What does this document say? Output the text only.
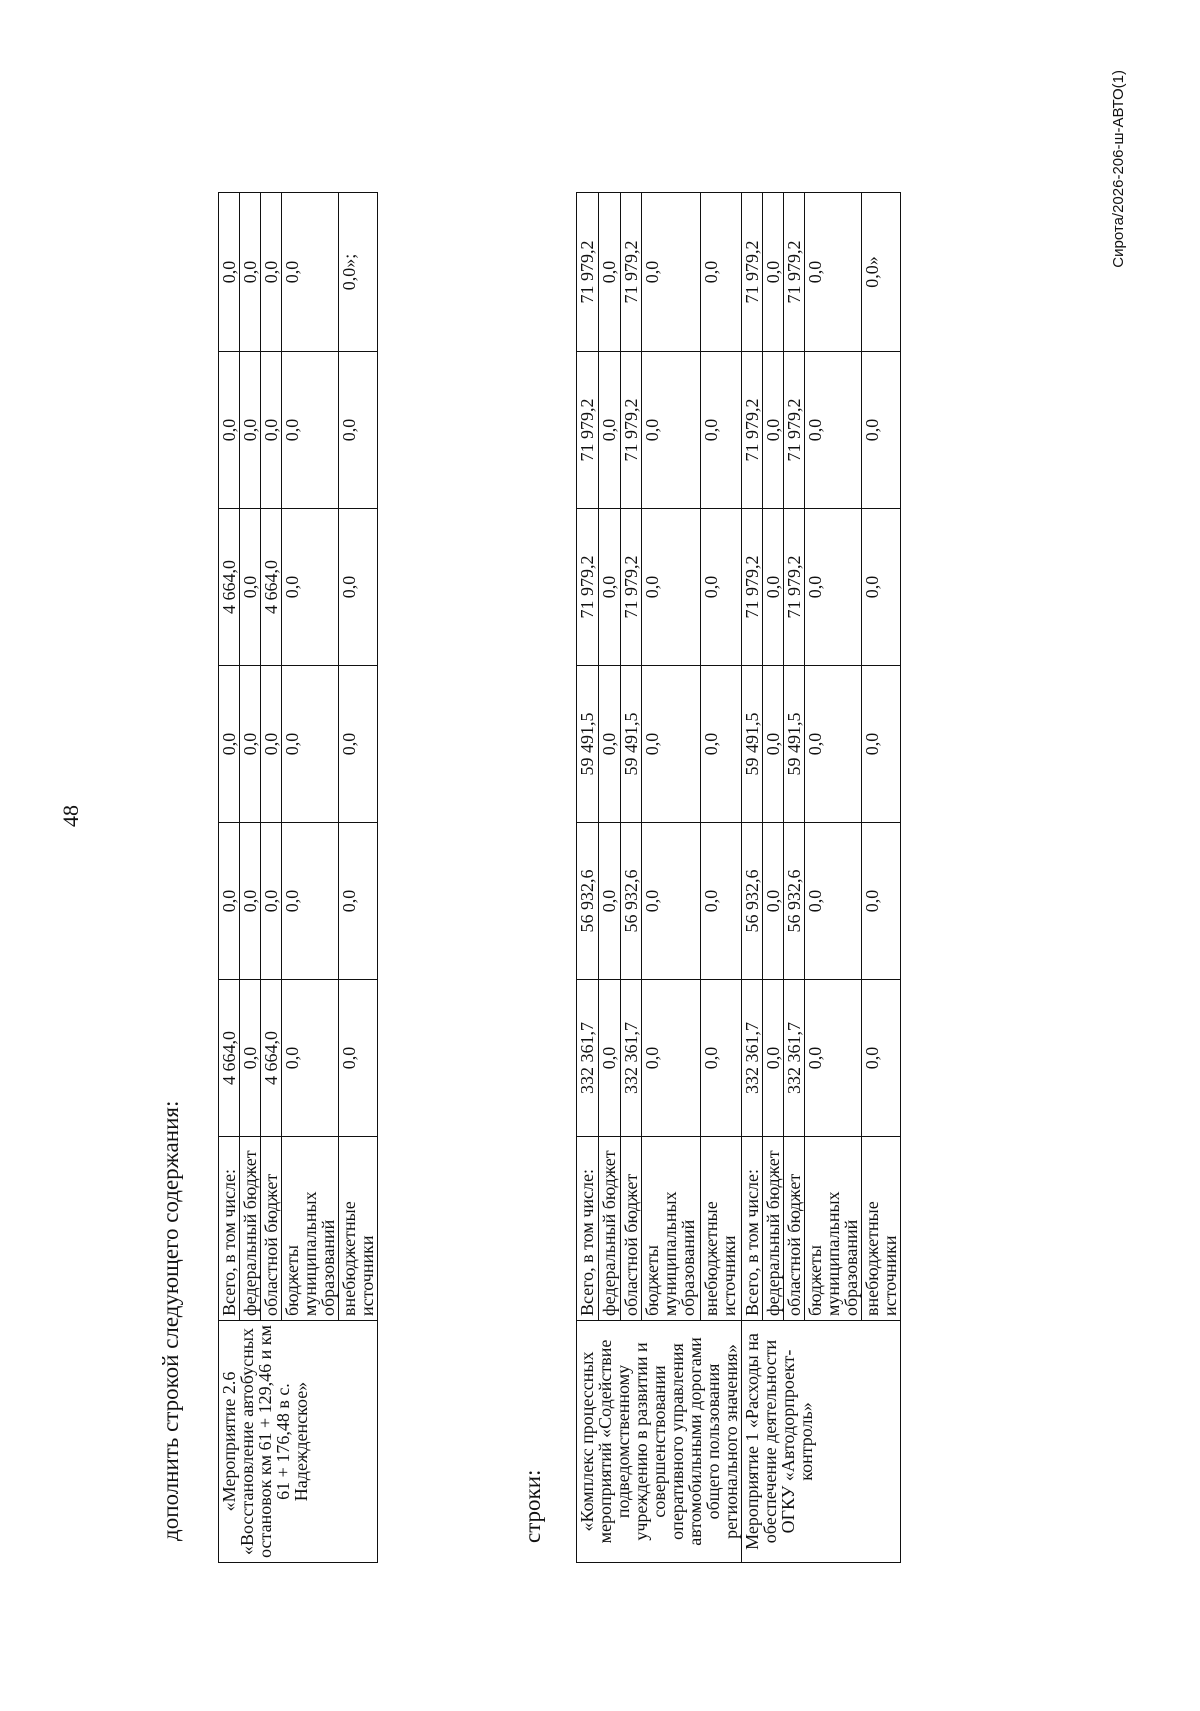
48
дополнить строкой следующего содержания: «Мероприятие 2.6 «Восстановление автобусных остановок км 61 + 129,46 и км 61 + 176,48 в с. Надежденское»	Всего, в том числе:	4 664,0	0,0	0,0	4 664,0	0,0	0,0
	федеральный бюджет	0,0	0,0	0,0	0,0	0,0	0,0
	областной бюджет	4 664,0	0,0	0,0	4 664,0	0,0	0,0
	бюджеты муниципальных образований	0,0	0,0	0,0	0,0	0,0	0,0
	внебюджетные источники	0,0	0,0	0,0	0,0	0,0	0,0»;
строки: «Комплекс процессных мероприятий «Содействие подведомственному учреждению в развитии и совершенствовании оперативного управления автомобильными дорогами общего пользования регионального значения»	Всего, в том числе:	332 361,7	56 932,6	59 491,5	71 979,2	71 979,2	71 979,2
	федеральный бюджет	0,0	0,0	0,0	0,0	0,0	0,0
	областной бюджет	332 361,7	56 932,6	59 491,5	71 979,2	71 979,2	71 979,2
	бюджеты муниципальных образований	0,0	0,0	0,0	0,0	0,0	0,0
	внебюджетные источники	0,0	0,0	0,0	0,0	0,0	0,0
Мероприятие 1 «Расходы на обеспечение деятельности ОГКУ «Автодорпроект-контроль»	Всего, в том числе:	332 361,7	56 932,6	59 491,5	71 979,2	71 979,2	71 979,2
	федеральный бюджет	0,0	0,0	0,0	0,0	0,0	0,0
	областной бюджет	332 361,7	56 932,6	59 491,5	71 979,2	71 979,2	71 979,2
	бюджеты муниципальных образований	0,0	0,0	0,0	0,0	0,0	0,0
	внебюджетные источники	0,0	0,0	0,0	0,0	0,0	0,0»
Сирота/2026-206-ш-АВТО(1)
